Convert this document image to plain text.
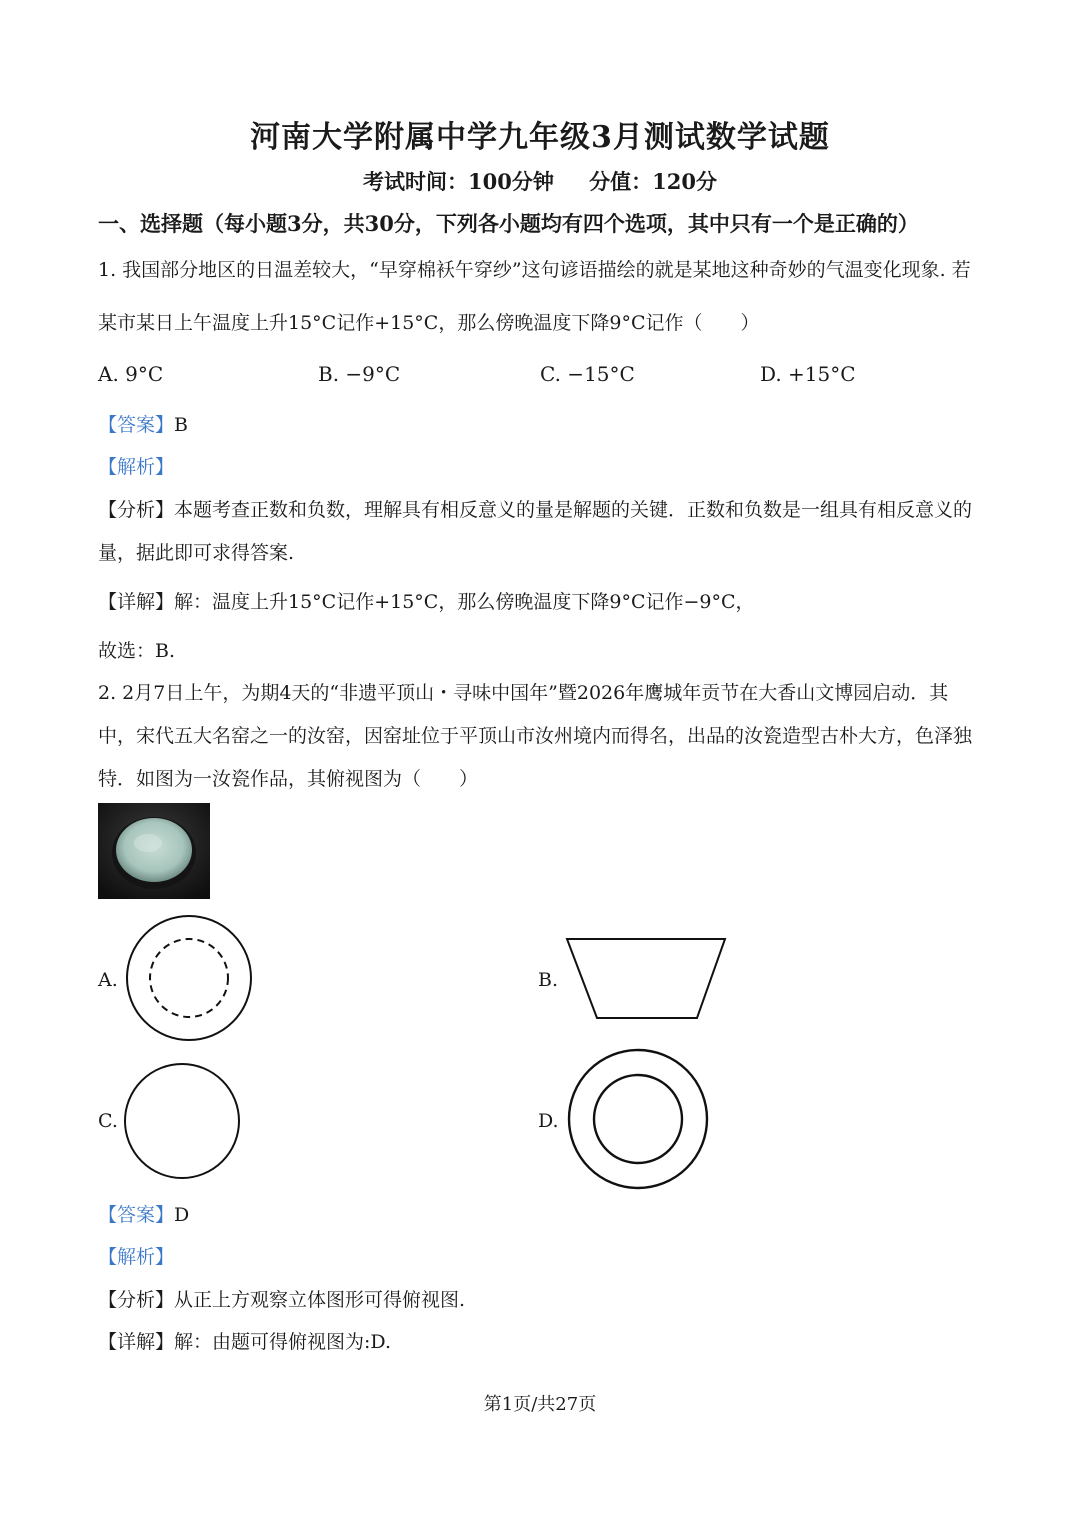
河南大学附属中学九年级3月测试数学试题
考试时间：100分钟 分值：120分
一、选择题（每小题3分，共30分，下列各小题均有四个选项，其中只有一个是正确的）
1. 我国部分地区的日温差较大，“早穿棉袄午穿纱”这句谚语描绘的就是某地这种奇妙的气温变化现象. 若
某市某日上午温度上升15°C记作+15°C，那么傍晚温度下降9°C记作（　　）
A. 9°C	B. −9°C	C. −15°C	D. +15°C
【答案】B
【解析】
【分析】本题考查正数和负数，理解具有相反意义的量是解题的关键．正数和负数是一组具有相反意义的
量，据此即可求得答案.
【详解】解：温度上升15°C记作+15°C，那么傍晚温度下降9°C记作−9°C，
故选：B.
2. 2月7日上午，为期4天的“非遗平顶山・寻味中国年”暨2026年鹰城年贡节在大香山文博园启动．其
中，宋代五大名窑之一的汝窑，因窑址位于平顶山市汝州境内而得名，出品的汝瓷造型古朴大方，色泽独
特．如图为一汝瓷作品，其俯视图为（　　）
A.	B.
C.	D.
【答案】D
【解析】
【分析】从正上方观察立体图形可得俯视图.
【详解】解：由题可得俯视图为:D.
第1页/共27页
